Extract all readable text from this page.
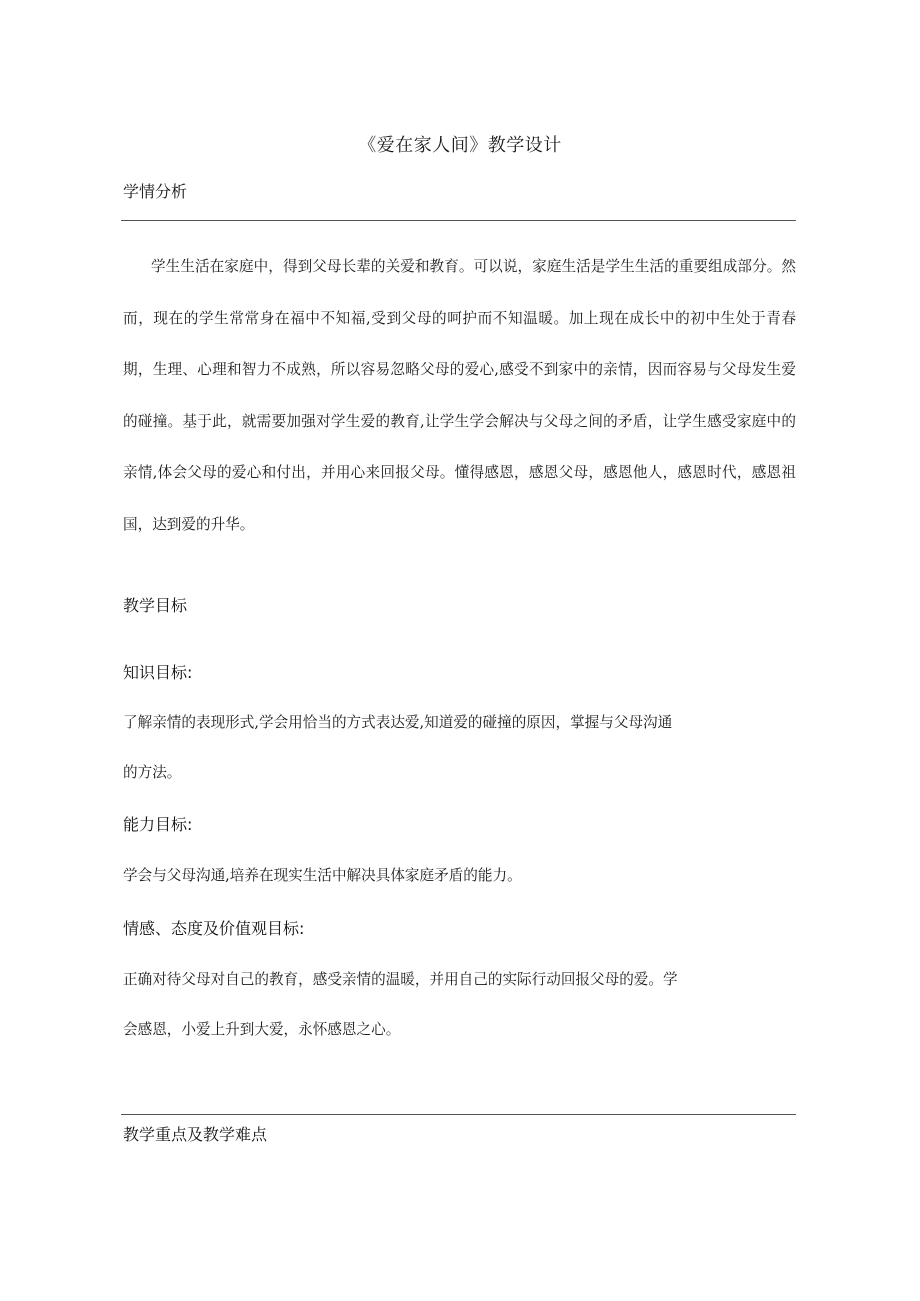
《爱在家人间》教学设计
学情分析
学生生活在家庭中，得到父母长辈的关爱和教育。可以说，家庭生活是学生生活的重要组成部分。然而，现在的学生常常身在福中不知福,受到父母的呵护而不知温暖。加上现在成长中的初中生处于青春期，生理、心理和智力不成熟，所以容易忽略父母的爱心,感受不到家中的亲情，因而容易与父母发生爱的碰撞。基于此，就需要加强对学生爱的教育,让学生学会解决与父母之间的矛盾，让学生感受家庭中的亲情,体会父母的爱心和付出，并用心来回报父母。懂得感恩，感恩父母，感恩他人，感恩时代，感恩祖国，达到爱的升华。
教学目标
知识目标:
了解亲情的表现形式,学会用恰当的方式表达爱,知道爱的碰撞的原因，掌握与父母沟通
的方法。
能力目标:
学会与父母沟通,培养在现实生活中解决具体家庭矛盾的能力。
情感、态度及价值观目标:
正确对待父母对自己的教育，感受亲情的温暖，并用自己的实际行动回报父母的爱。学
会感恩，小爱上升到大爱，永怀感恩之心。
教学重点及教学难点
